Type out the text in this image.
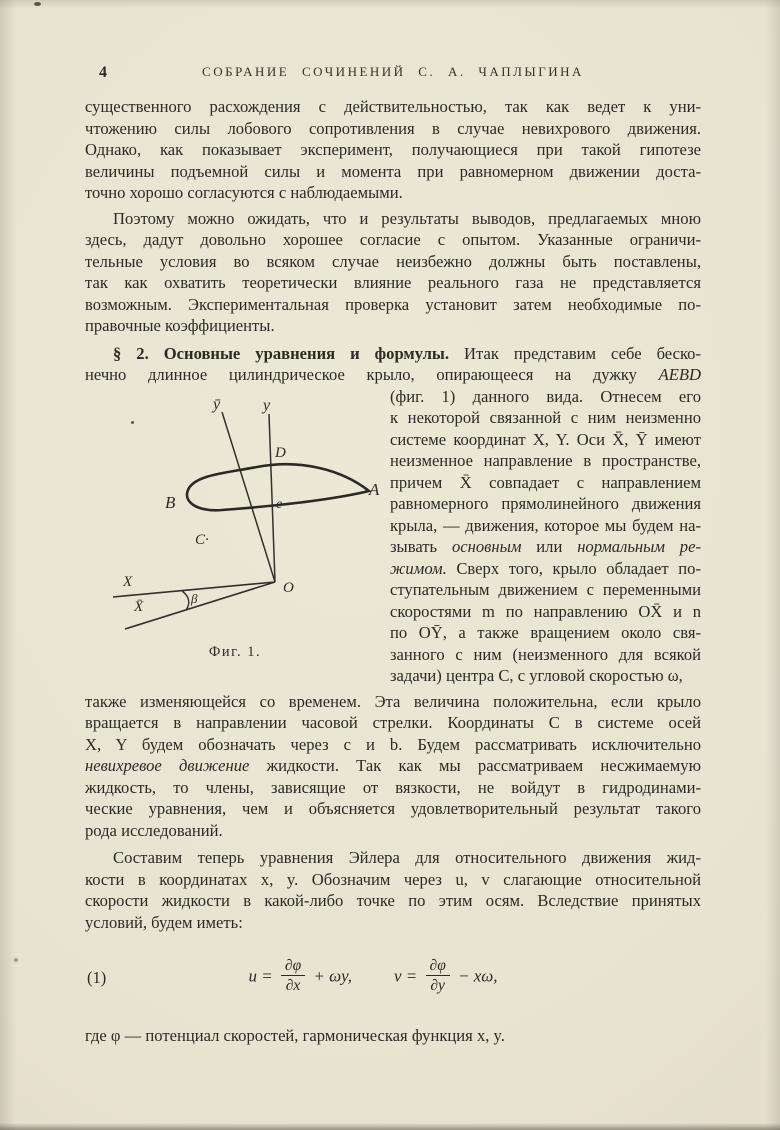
4	СОБРАНИЕ СОЧИНЕНИЙ С. А. ЧАПЛЫГИНА
существенного расхождения с действительностью, так как ведет к уни-
чтожению силы лобового сопротивления в случае невихрового движения.
Однако, как показывает эксперимент, получающиеся при такой гипотезе
величины подъемной силы и момента при равномерном движении доста-
точно хорошо согласуются с наблюдаемыми.
Поэтому можно ожидать, что и результаты выводов, предлагаемых мною
здесь, дадут довольно хорошее согласие с опытом. Указанные ограничи-
тельные условия во всяком случае неизбежно должны быть поставлены,
так как охватить теоретически влияние реального газа не представляется
возможным. Экспериментальная проверка установит затем необходимые по-
правочные коэффициенты.
§ 2. Основные уравнения и формулы. Итак представим себе беско-
нечно длинное цилиндрическое крыло, опирающееся на дужку AEBD
ȳ	y
D
e
B
A
C·
O
X
X̄
β
Фиг. 1.
(фиг. 1) данного вида. Отнесем его
к некоторой связанной с ним неизменно
системе координат X, Y. Оси X̄, Ȳ имеют
неизменное направление в пространстве,
причем X̄ совпадает с направлением
равномерного прямолинейного движения
крыла, — движения, которое мы будем на-
зывать основным или нормальным ре-
жимом. Сверх того, крыло обладает по-
ступательным движением с переменными
скоростями m по направлению OX̄ и n
по OȲ, а также вращением около свя-
занного с ним (неизменного для всякой
задачи) центра C, с угловой скоростью ω,
также изменяющейся со временем. Эта величина положительна, если крыло
вращается в направлении часовой стрелки. Координаты C в системе осей
X, Y будем обозначать через c и b. Будем рассматривать исключительно
невихревое движение жидкости. Так как мы рассматриваем несжимаемую
жидкость, то члены, зависящие от вязкости, не войдут в гидродинами-
ческие уравнения, чем и объясняется удовлетворительный результат такого
рода исследований.
Составим теперь уравнения Эйлера для относительного движения жид-
кости в координатах x, y. Обозначим через u, v слагающие относительной
скорости жидкости в какой-либо точке по этим осям. Вследствие принятых
условий, будем иметь:
(1)	$u = \frac{\partial\varphi}{\partial x} + \omega y$, $v = \frac{\partial\varphi}{\partial y} - x\omega$,
где φ — потенциал скоростей, гармоническая функция x, y.
